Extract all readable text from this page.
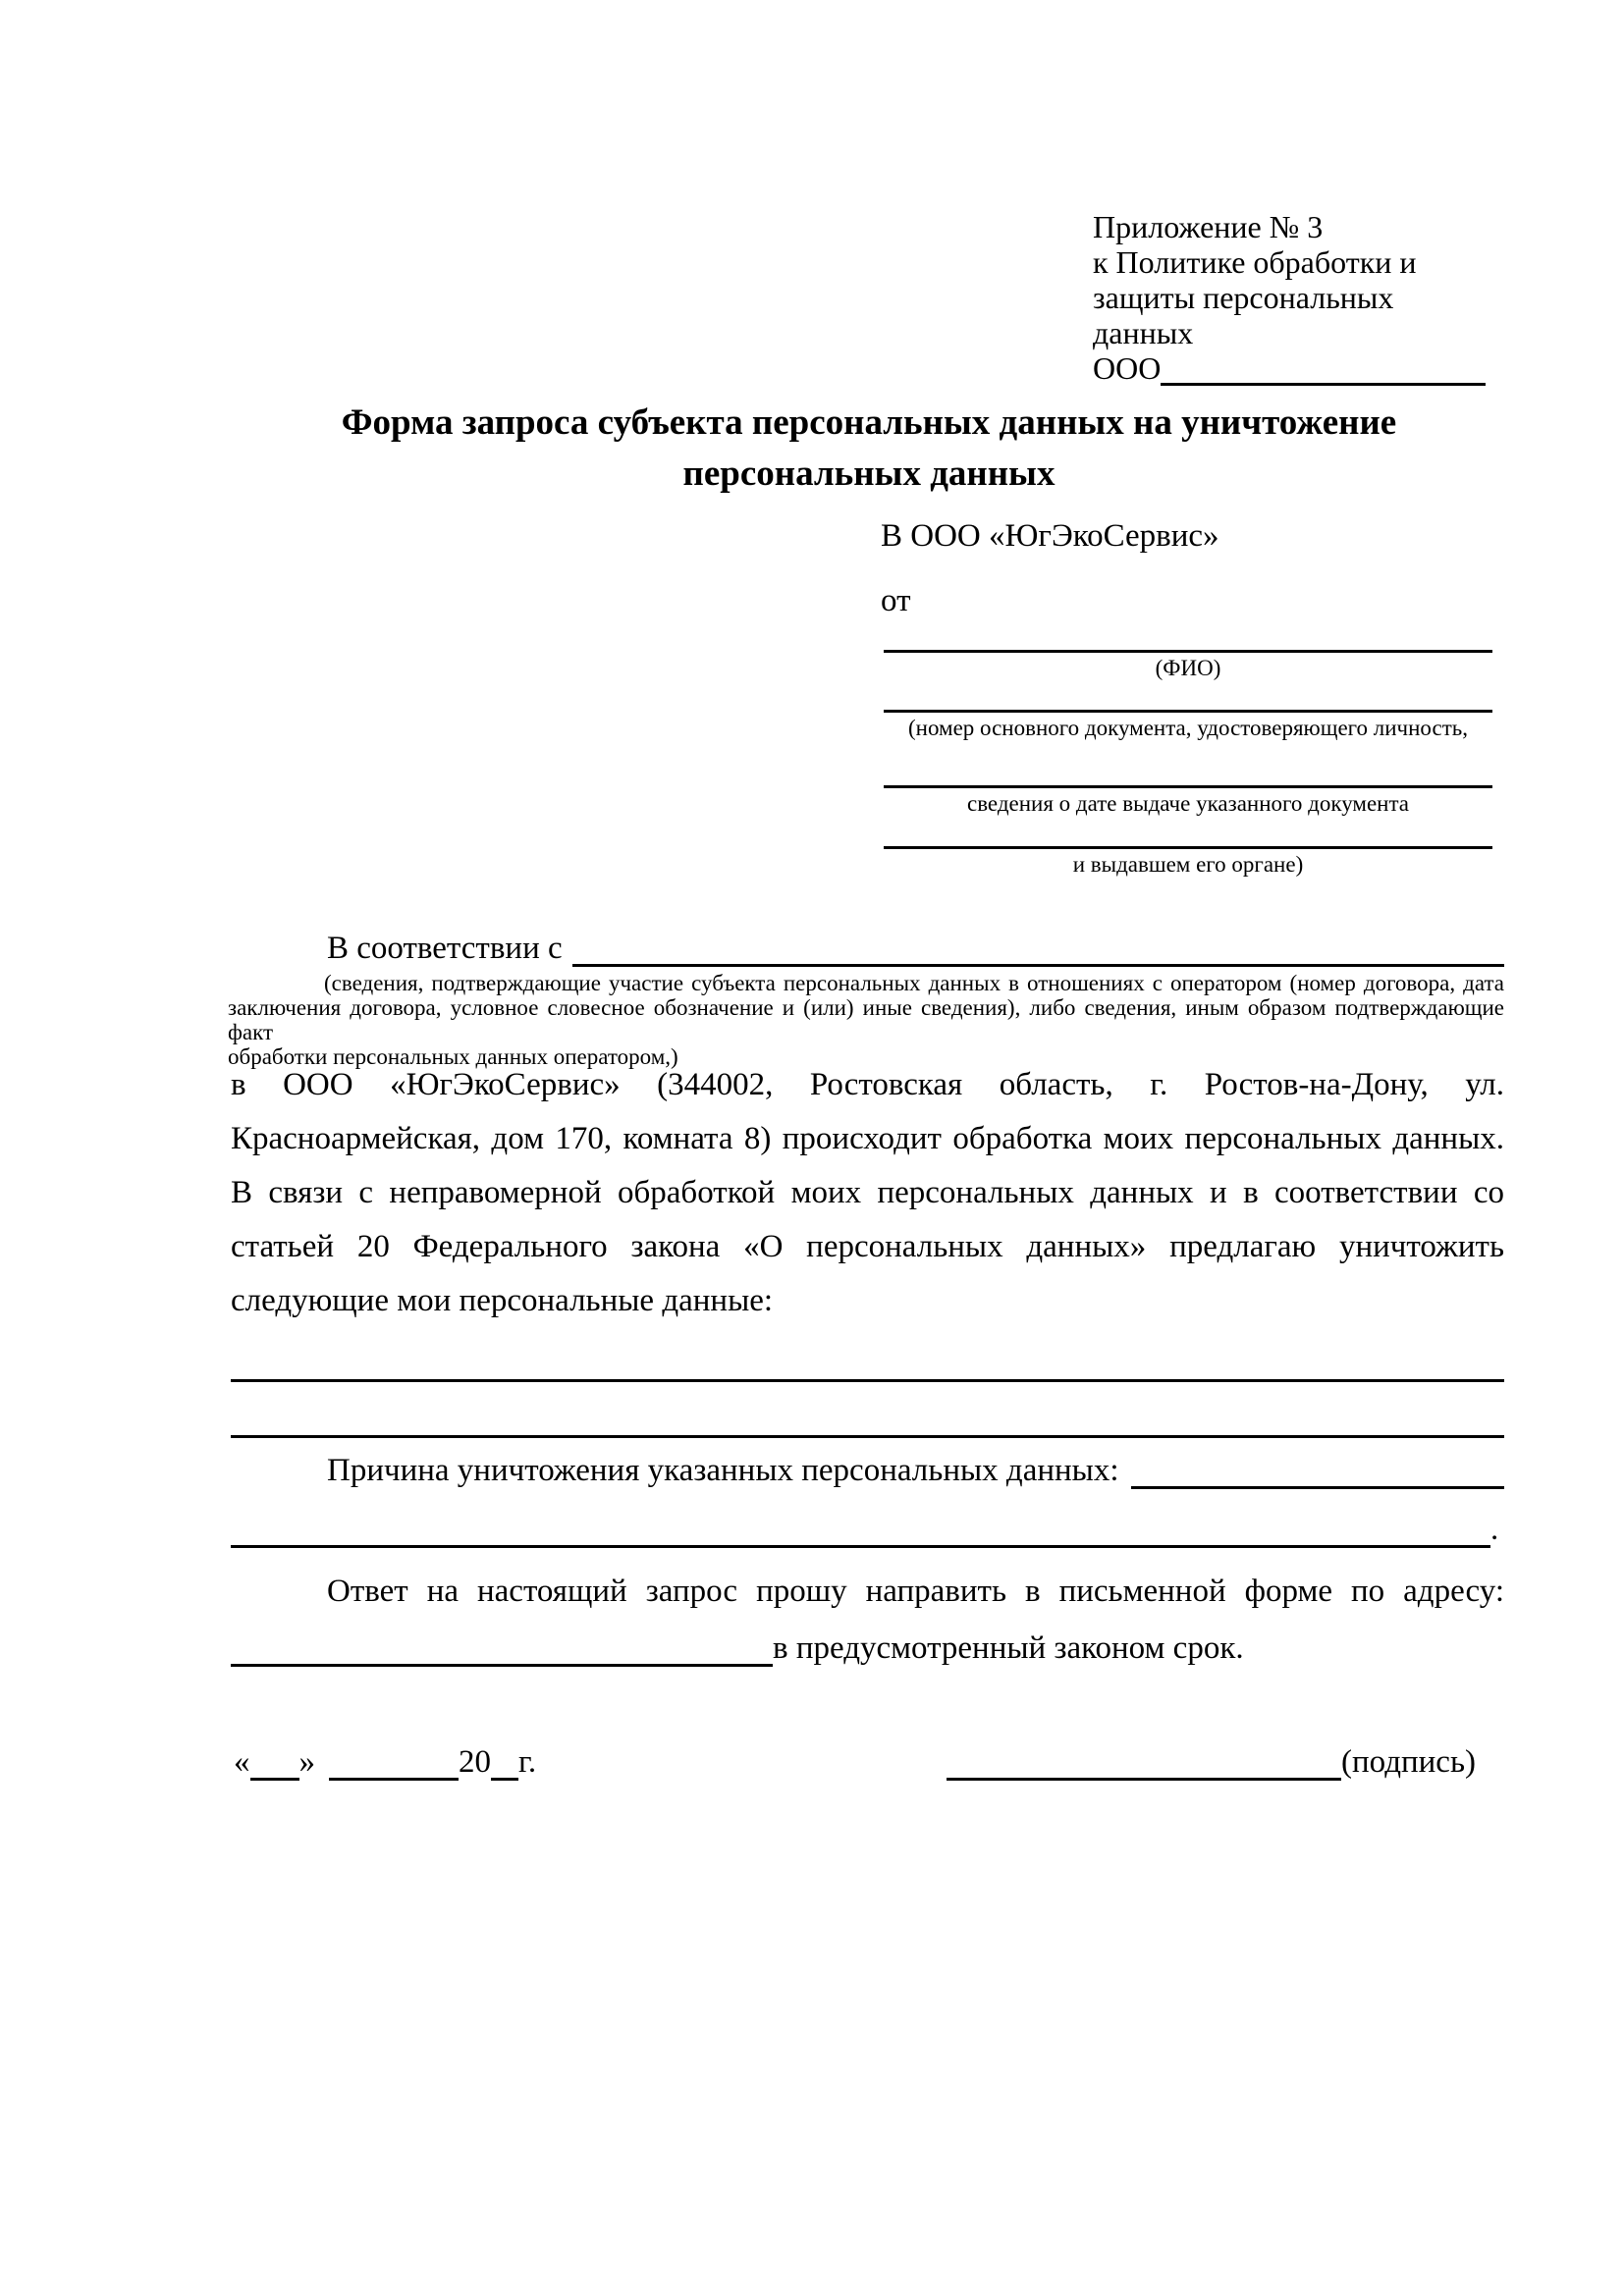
Приложение № 3
к Политике обработки и
защиты персональных данных
ООО
Форма запроса субъекта персональных данных на уничтожение персональных данных
В ООО «ЮгЭкоСервис»
от
(ФИО)
(номер основного документа, удостоверяющего личность,
сведения о дате выдаче указанного документа
и выдавшем его органе)
В соответствии с
(сведения, подтверждающие участие субъекта персональных данных в отношениях с оператором (номер договора, дата
заключения договора, условное словесное обозначение и (или) иные сведения), либо сведения, иным образом подтверждающие факт
обработки персональных данных оператором,)
в ООО «ЮгЭкоСервис» (344002, Ростовская область, г. Ростов-на-Дону, ул.
Красноармейская, дом 170, комната 8) происходит обработка моих персональных данных.
В связи с неправомерной обработкой моих персональных данных и в соответствии со
статьей 20 Федерального закона «О персональных данных» предлагаю уничтожить
следующие мои персональные данные:
Причина уничтожения указанных персональных данных:
.
Ответ на настоящий запрос прошу направить в письменной форме по адресу:
в предусмотренный законом срок.
« »	20 г.	(подпись)
